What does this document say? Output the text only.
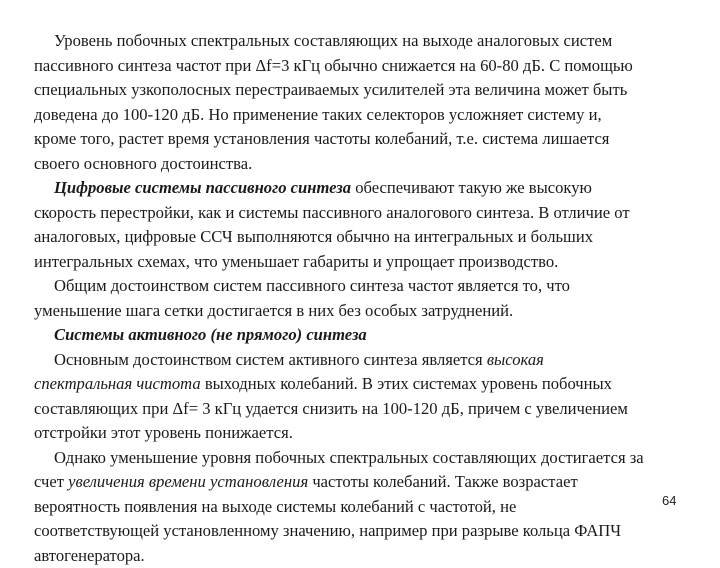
Уровень побочных спектральных составляющих на выходе аналоговых систем
пассивного синтеза частот при Δf=3 кГц обычно снижается на 60-80 дБ. С помощью
специальных узкополосных перестраиваемых усилителей эта величина может быть
доведена до 100-120 дБ. Но применение таких селекторов усложняет систему и,
кроме того, растет время установления частоты колебаний, т.е. система лишается
своего основного достоинства.
Цифровые системы пассивного синтеза обеспечивают такую же высокую
скорость перестройки, как и системы пассивного аналогового синтеза. В отличие от
аналоговых, цифровые ССЧ выполняются обычно на интегральных и больших
интегральных схемах, что уменьшает габариты и упрощает производство.
Общим достоинством систем пассивного синтеза частот является то, что
уменьшение шага сетки достигается в них без особых затруднений.
Системы активного (не прямого) синтеза
Основным достоинством систем активного синтеза является высокая
спектральная чистота выходных колебаний. В этих системах уровень побочных
составляющих при Δf= 3 кГц удается снизить на 100-120 дБ, причем с увеличением
отстройки этот уровень понижается.
Однако уменьшение уровня побочных спектральных составляющих достигается за
счет увеличения времени установления частоты колебаний. Также возрастает
вероятность появления на выходе системы колебаний с частотой, не
соответствующей установленному значению, например при разрыве кольца ФАПЧ
автогенератора.
64
